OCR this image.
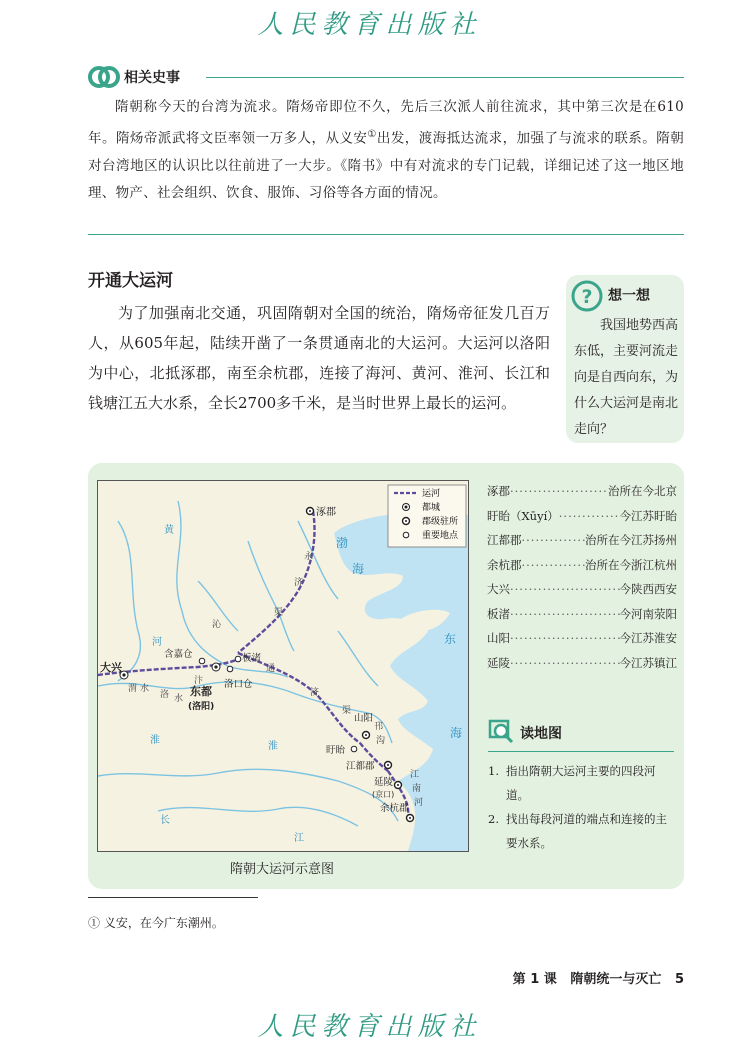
人民教育出版社
相关史事
隋朝称今天的台湾为流求。隋炀帝即位不久，先后三次派人前往流求，其中第三次是在610年。隋炀帝派武将文臣率领一万多人，从义安①出发，渡海抵达流求，加强了与流求的联系。隋朝对台湾地区的认识比以往前进了一大步。《隋书》中有对流求的专门记载，详细记述了这一地区地理、物产、社会组织、饮食、服饰、习俗等各方面的情况。
开通大运河
为了加强南北交通，巩固隋朝对全国的统治，隋炀帝征发几百万人，从605年起，陆续开凿了一条贯通南北的大运河。大运河以洛阳为中心，北抵涿郡，南至余杭郡，连接了海河、黄河、淮河、长江和钱塘江五大水系，全长2700多千米，是当时世界上最长的运河。
? 想一想
我国地势西高东低，主要河流走向是自西向东，为什么大运河是南北走向？
运河
都城
郡级驻所
重要地点
渤
海
东
海
黄
河
淮
长
江
淮
永
济
渠
沁
通
济
渠
邗
沟
江
南
河
洛 水
渭 水
汴
涿郡
大兴
东都
(洛阳)
含嘉仓	板渚
洛口仓
山阳
盱眙
江都郡
延陵
(京口)
余杭郡
隋朝大运河示意图
涿郡 ·····	治所在今北京
盱眙（Xūyí） ·····	今江苏盱眙
江都郡 ·····	治所在今江苏扬州
余杭郡 ·····	治所在今浙江杭州
大兴 ·····	今陕西西安
板渚 ·····	今河南荥阳
山阳 ·····	今江苏淮安
延陵 ·····	今江苏镇江
读地图
1. 指出隋朝大运河主要的四段河道。
2. 找出每段河道的端点和连接的主要水系。
① 义安，在今广东潮州。
第 1 课 隋朝统一与灭亡 5
人民教育出版社
